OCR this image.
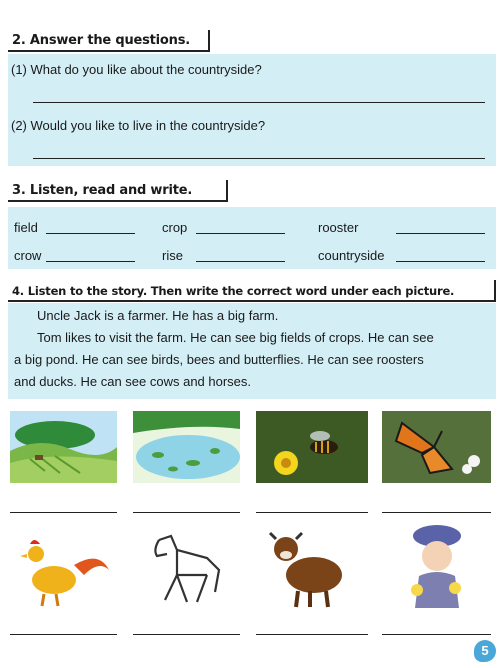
2. Answer the questions.
(1) What do you like about the countryside?
(2) Would you like to live in the countryside?
3. Listen, read and write.
field	crop	rooster
crow	rise	countryside
4. Listen to the story. Then write the correct word under each picture.

Uncle Jack is a farmer. He has a big farm.

Tom likes to visit the farm. He can see big fields of crops. He can see

a big pond. He can see birds, bees and butterflies. He can see roosters

and ducks. He can see cows and horses.

5
